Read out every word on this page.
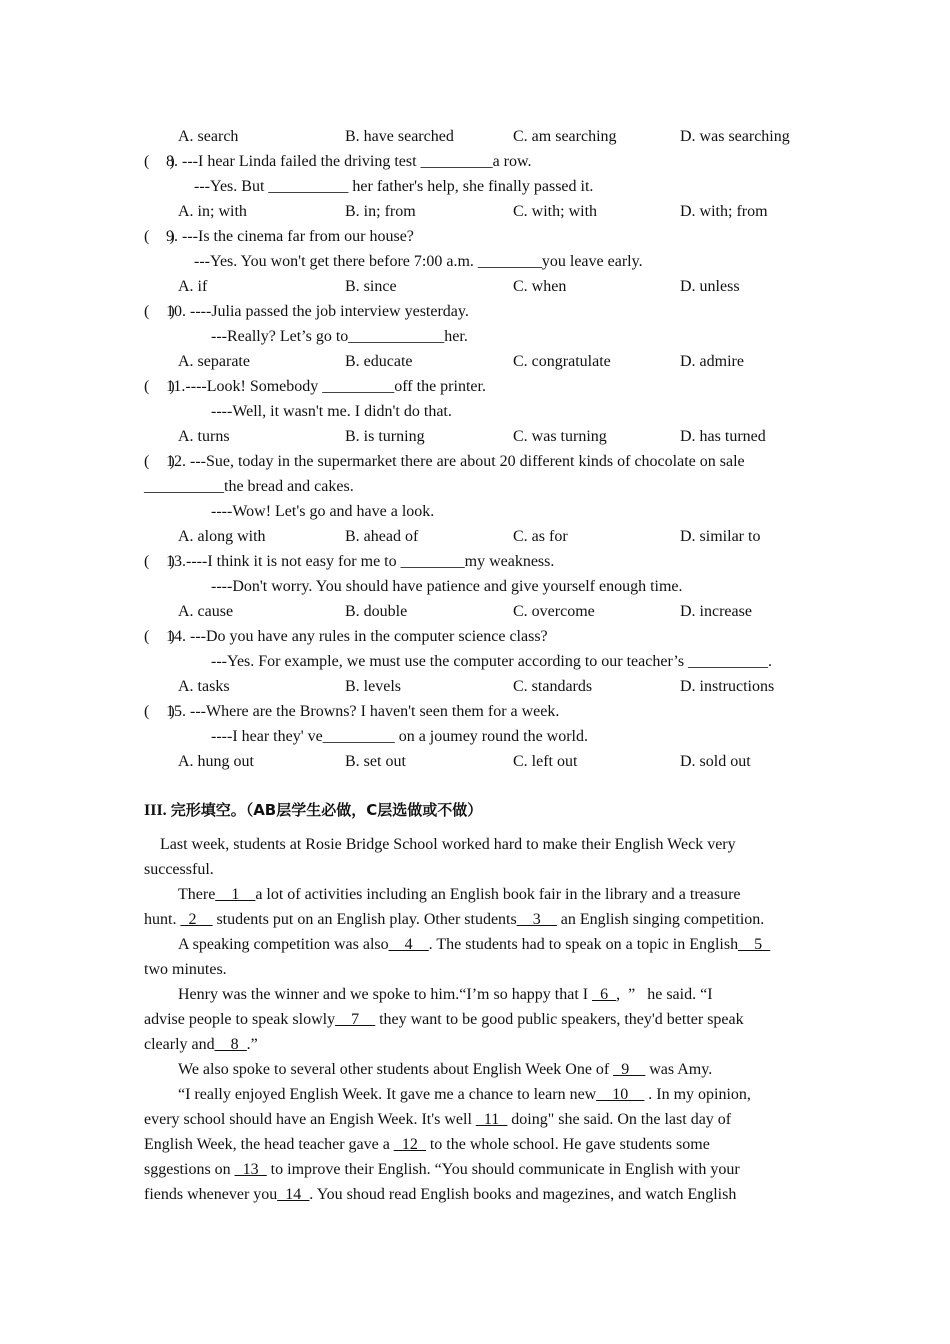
A. search	B. have searched	C. am searching	D. was searching
(     )
8. ---I hear Linda failed the driving test _________a row.
---Yes. But __________ her father's help, she finally passed it.
A. in; with	B. in; from	C. with; with	D. with; from
(     )
9. ---Is the cinema far from our house?
---Yes. You won't get there before 7:00 a.m. ________you leave early.
A. if	B. since	C. when	D. unless
(     )
10. ----Julia passed the job interview yesterday.
---Really? Let’s go to____________her.
A. separate	B. educate	C. congratulate	D. admire
(     )
11.----Look! Somebody _________off the printer.
----Well, it wasn't me. I didn't do that.
A. turns	B. is turning	C. was turning	D. has turned
(     )
12. ---Sue, today in the supermarket there are about 20 different kinds of chocolate on sale
__________the bread and cakes.
----Wow! Let's go and have a look.
A. along with	B. ahead of	C. as for	D. similar to
(     )
13.----I think it is not easy for me to ________my weakness.
----Don't worry. You should have patience and give yourself enough time.
A. cause	B. double	C. overcome	D. increase
(     )
14. ---Do you have any rules in the computer science class?
---Yes. For example, we must use the computer according to our teacher’s __________.
A. tasks	B. levels	C. standards	D. instructions
(     )
15. ---Where are the Browns? I haven't seen them for a week.
----I hear they' ve_________ on a joumey round the world.
A. hung out	B. set out	C. left out	D. sold out
III. 完形填空。（AB层学生必做，C层选做或不做）
Last week, students at Rosie Bridge School worked hard to make their English Weck very
successful.
There__1__a lot of activities including an English book fair in the library and a treasure
hunt. _2__ students put on an English play. Other students__3__ an English singing competition.
A speaking competition was also__4__. The students had to speak on a topic in English__5_
two minutes.
Henry was the winner and we spoke to him.“I’m so happy that I _6_,  ”   he said. “I
advise people to speak slowly__7__ they want to be good public speakers, they'd better speak
clearly and__8_.”
We also spoke to several other students about English Week One of _9__ was Amy.
“I really enjoyed English Week. It gave me a chance to learn new__10__ . In my opinion,
every school should have an Engish Week. It's well _11_ doing" she said. On the last day of
English Week, the head teacher gave a _12_ to the whole school. He gave students some
sggestions on _13_ to improve their English. “You should communicate in English with your
fiends whenever you_14_. You shoud read English books and magezines, and watch English
